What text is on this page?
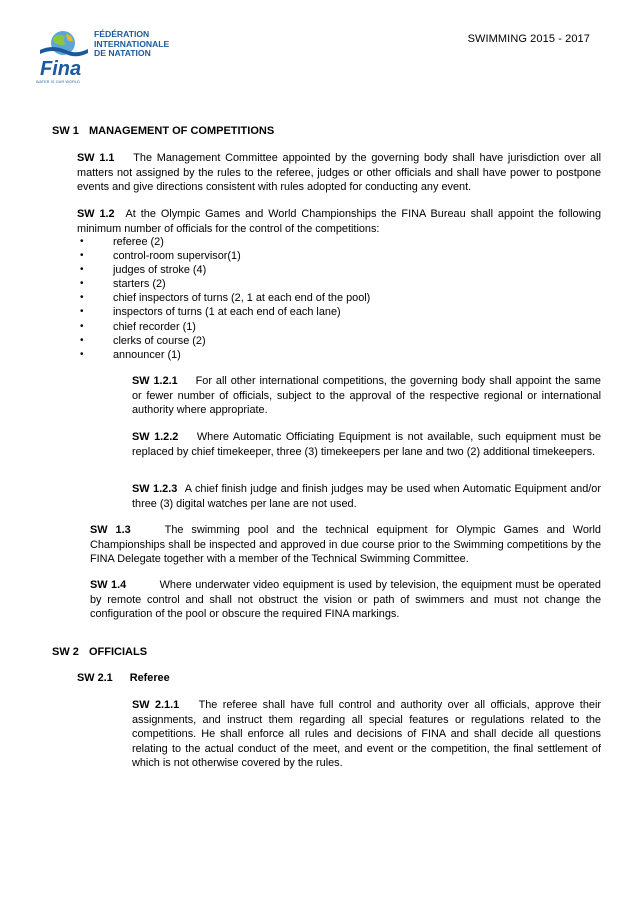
SWIMMING 2015 - 2017
Fina
FÉDÉRATION
INTERNATIONALE
DE NATATION
WATER IS OUR WORLD
SW 1 MANAGEMENT OF COMPETITIONS
SW 1.1 The Management Committee appointed by the governing body shall have jurisdiction over all matters not assigned by the rules to the referee, judges or other officials and shall have power to postpone events and give directions consistent with rules adopted for conducting any event.
SW 1.2 At the Olympic Games and World Championships the FINA Bureau shall appoint the following minimum number of officials for the control of the competitions:
•	referee (2)
•	control-room supervisor(1)
•	judges of stroke (4)
•	starters (2)
•	chief inspectors of turns (2, 1 at each end of the pool)
•	inspectors of turns (1 at each end of each lane)
•	chief recorder (1)
•	clerks of course (2)
•	announcer (1)
SW 1.2.1 For all other international competitions, the governing body shall appoint the same or fewer number of officials, subject to the approval of the respective regional or international authority where appropriate.
SW 1.2.2 Where Automatic Officiating Equipment is not available, such equipment must be replaced by chief timekeeper, three (3) timekeepers per lane and two (2) additional timekeepers.
SW 1.2.3 A chief finish judge and finish judges may be used when Automatic Equipment and/or three (3) digital watches per lane are not used.
SW 1.3	The swimming pool and the technical equipment for Olympic Games and World Championships shall be inspected and approved in due course prior to the Swimming competitions by the FINA Delegate together with a member of the Technical Swimming Committee.
SW 1.4	Where underwater video equipment is used by television, the equipment must be operated by remote control and shall not obstruct the vision or path of swimmers and must not change the configuration of the pool or obscure the required FINA markings.
SW 2 OFFICIALS
SW 2.1 Referee
SW 2.1.1 The referee shall have full control and authority over all officials, approve their assignments, and instruct them regarding all special features or regulations related to the competitions. He shall enforce all rules and decisions of FINA and shall decide all questions relating to the actual conduct of the meet, and event or the competition, the final settlement of which is not otherwise covered by the rules.
